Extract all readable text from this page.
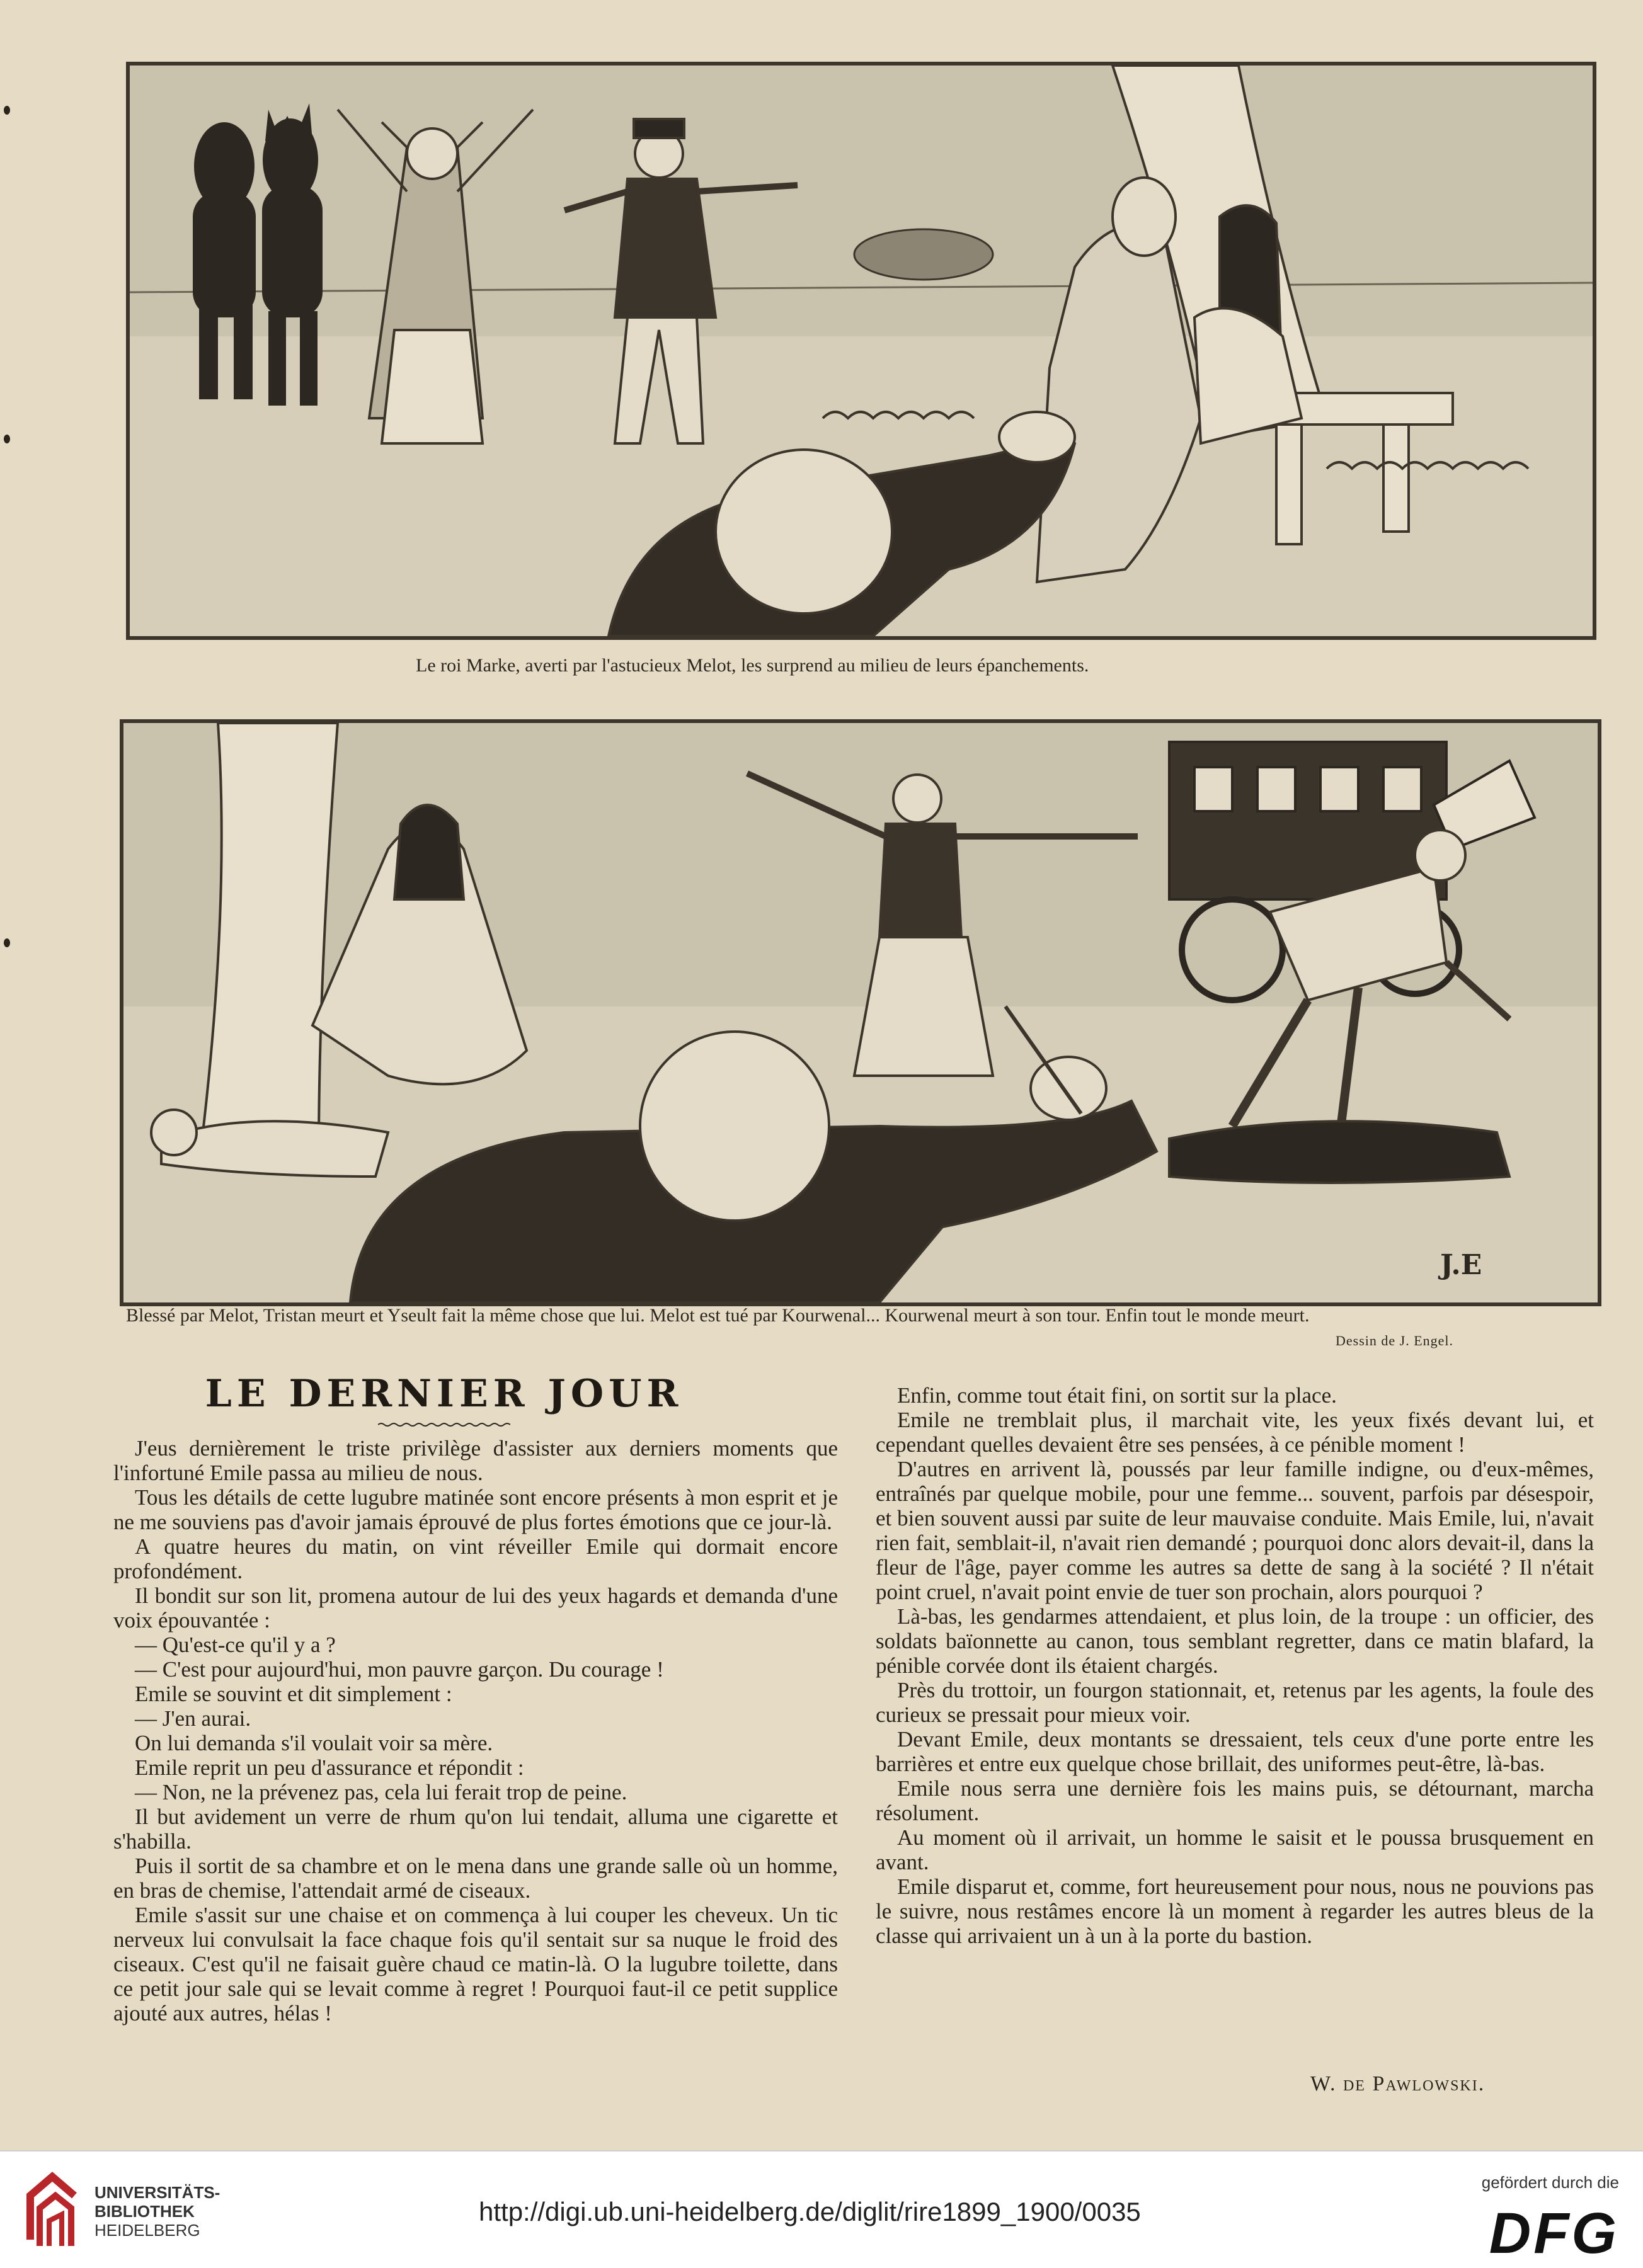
Le roi Marke, averti par l'astucieux Melot, les surprend au milieu de leurs épanchements.
J.E
Blessé par Melot, Tristan meurt et Yseult fait la même chose que lui. Melot est tué par Kourwenal... Kourwenal meurt à son tour. Enfin tout le monde meurt.
Dessin de J. Engel.
LE DERNIER JOUR

J'eus dernièrement le triste privilège d'assister aux derniers moments que l'infortuné Emile passa au milieu de nous.

Tous les détails de cette lugubre matinée sont encore présents à mon esprit et je ne me souviens pas d'avoir jamais éprouvé de plus fortes émotions que ce jour-là.

A quatre heures du matin, on vint réveiller Emile qui dormait encore profondément.

Il bondit sur son lit, promena autour de lui des yeux hagards et demanda d'une voix épouvantée :

— Qu'est-ce qu'il y a ?

— C'est pour aujourd'hui, mon pauvre garçon. Du courage !

Emile se souvint et dit simplement :

— J'en aurai.

On lui demanda s'il voulait voir sa mère.

Emile reprit un peu d'assurance et répondit :

— Non, ne la prévenez pas, cela lui ferait trop de peine.

Il but avidement un verre de rhum qu'on lui tendait, alluma une cigarette et s'habilla.

Puis il sortit de sa chambre et on le mena dans une grande salle où un homme, en bras de chemise, l'attendait armé de ciseaux.

Emile s'assit sur une chaise et on commença à lui couper les cheveux. Un tic nerveux lui convulsait la face chaque fois qu'il sentait sur sa nuque le froid des ciseaux. C'est qu'il ne faisait guère chaud ce matin-là. O la lugubre toilette, dans ce petit jour sale qui se levait comme à regret ! Pourquoi faut-il ce petit supplice ajouté aux autres, hélas !

Enfin, comme tout était fini, on sortit sur la place.

Emile ne tremblait plus, il marchait vite, les yeux fixés devant lui, et cependant quelles devaient être ses pensées, à ce pénible moment !

D'autres en arrivent là, poussés par leur famille indigne, ou d'eux-mêmes, entraînés par quelque mobile, pour une femme... souvent, parfois par désespoir, et bien souvent aussi par suite de leur mauvaise conduite. Mais Emile, lui, n'avait rien fait, semblait-il, n'avait rien demandé ; pourquoi donc alors devait-il, dans la fleur de l'âge, payer comme les autres sa dette de sang à la société ? Il n'était point cruel, n'avait point envie de tuer son prochain, alors pourquoi ?

Là-bas, les gendarmes attendaient, et plus loin, de la troupe : un officier, des soldats baïonnette au canon, tous semblant regretter, dans ce matin blafard, la pénible corvée dont ils étaient chargés.

Près du trottoir, un fourgon stationnait, et, retenus par les agents, la foule des curieux se pressait pour mieux voir.

Devant Emile, deux montants se dressaient, tels ceux d'une porte entre les barrières et entre eux quelque chose brillait, des uniformes peut-être, là-bas.

Emile nous serra une dernière fois les mains puis, se détournant, marcha résolument.

Au moment où il arrivait, un homme le saisit et le poussa brusquement en avant.

Emile disparut et, comme, fort heureusement pour nous, nous ne pouvions pas le suivre, nous restâmes encore là un moment à regarder les autres bleus de la classe qui arrivaient un à un à la porte du bastion.

W. de Pawlowski.
UNIVERSITÄTS-
BIBLIOTHEK
HEIDELBERG
http://digi.ub.uni-heidelberg.de/diglit/rire1899_1900/0035
gefördert durch die
DFG
